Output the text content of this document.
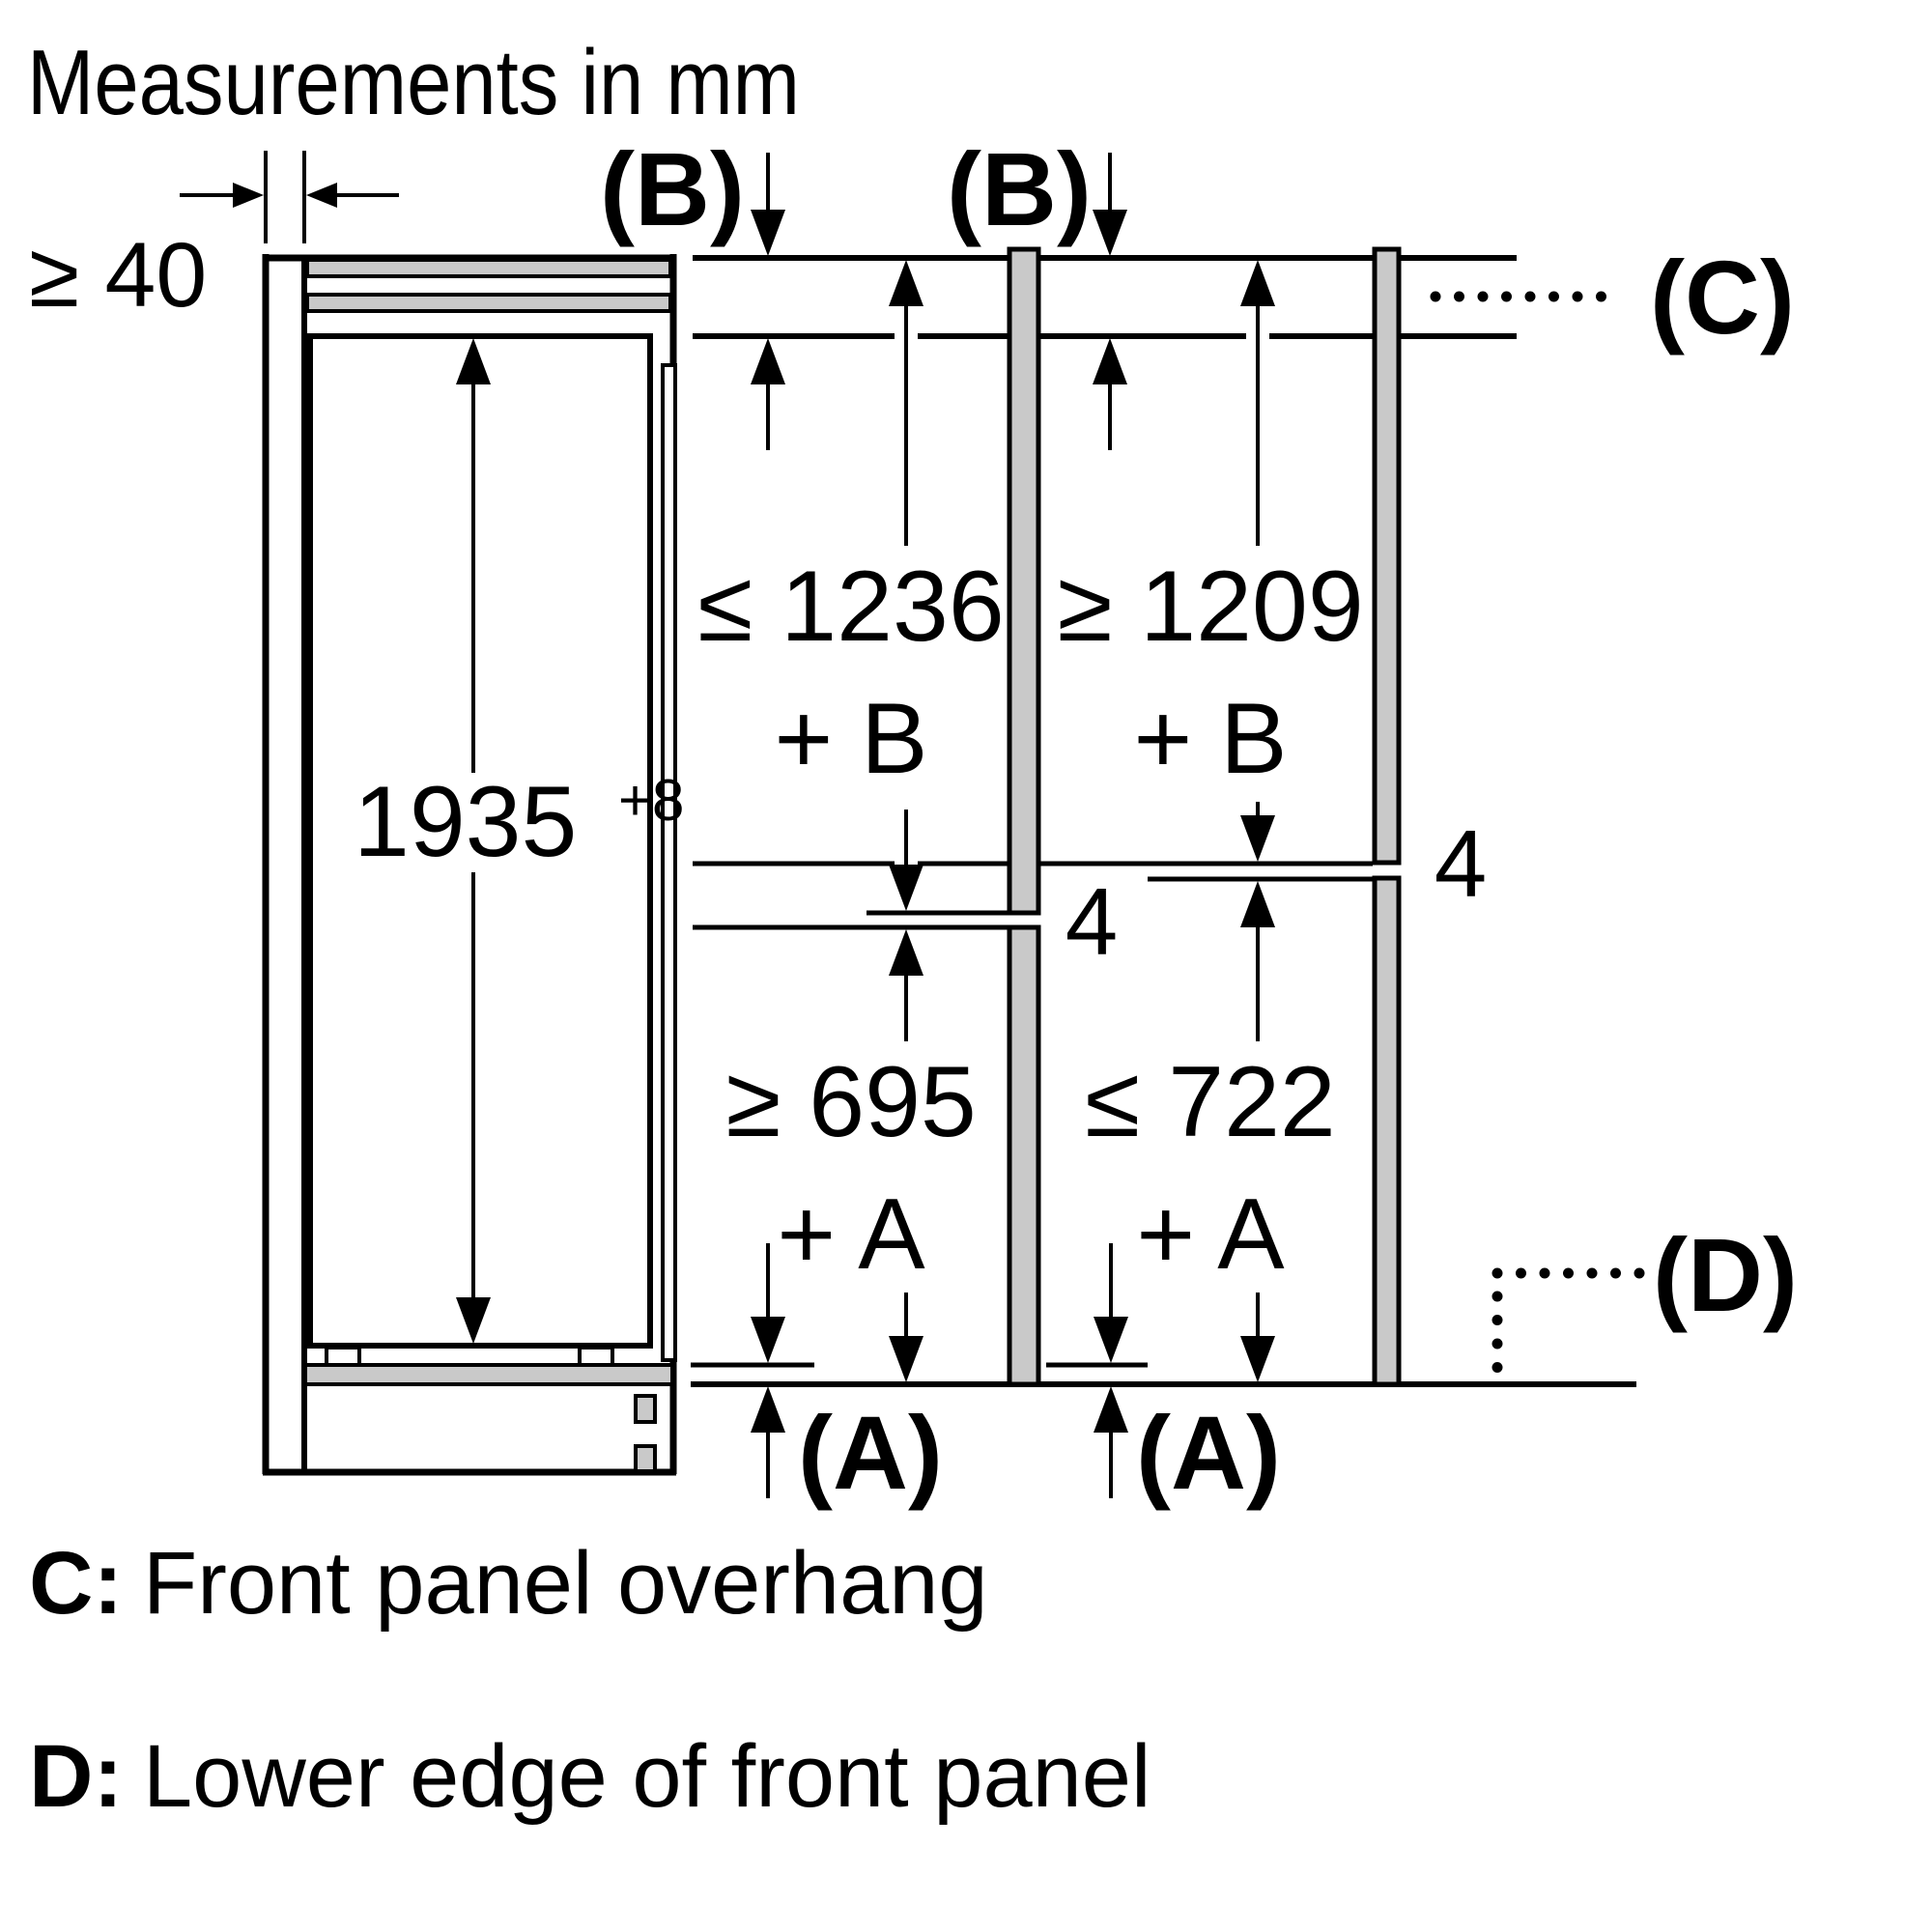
Measurements in mm
≥ 40
1935 +8
≤ 1236
+ B
≥ 695
+ A
4
≥ 1209
+ B
≤ 722
+ A
4
(B) (B)
(A) (A)
(C)
(D)
C: Front panel overhang
D: Lower edge of front panel
